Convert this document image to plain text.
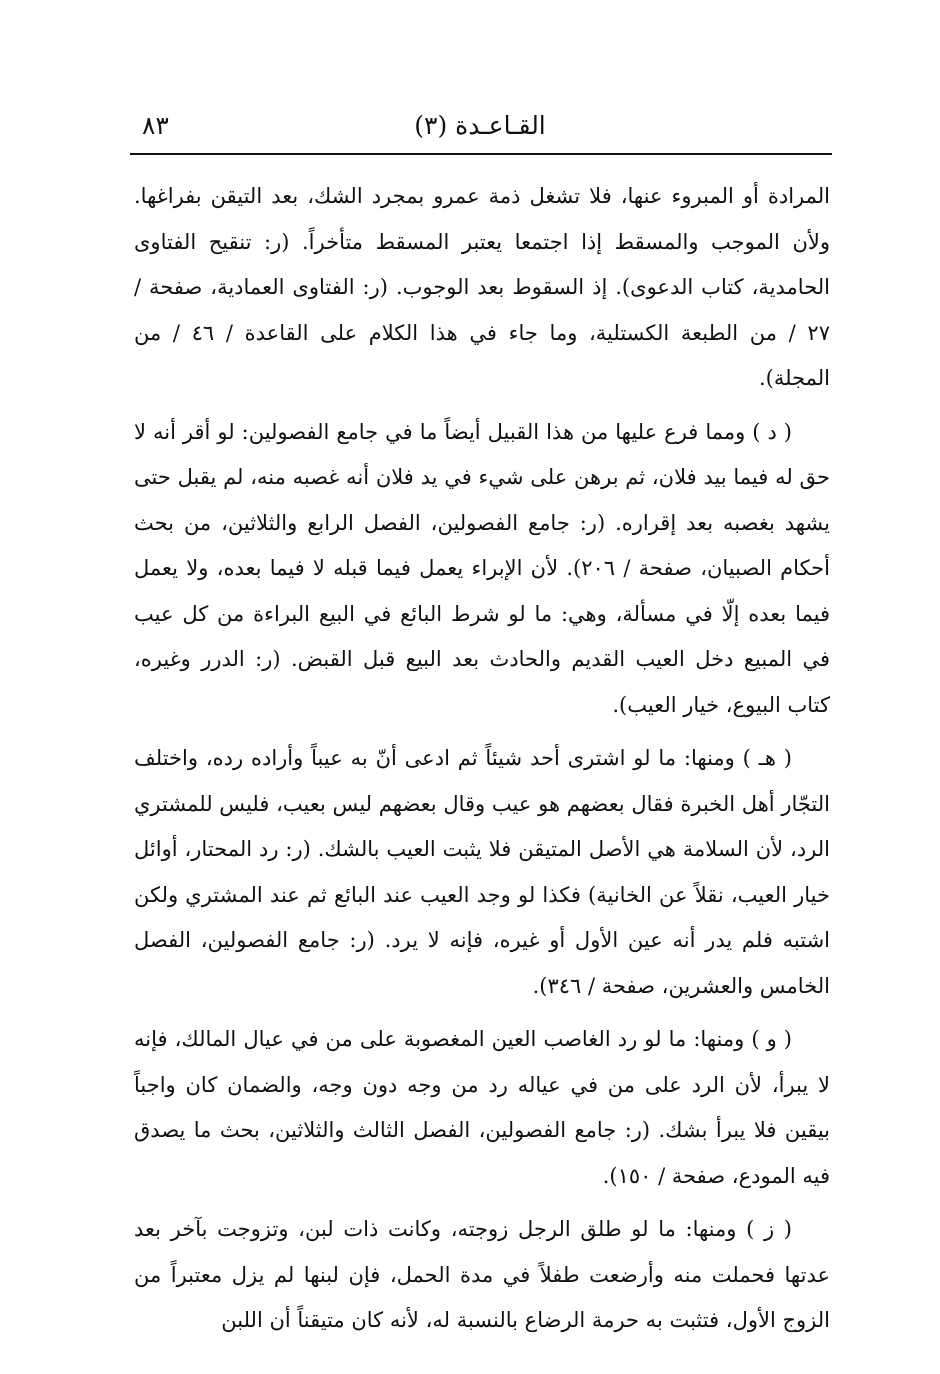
القـاعـدة (٣)
٨٣

المرادة أو المبروء عنها، فلا تشغل ذمة عمرو بمجرد الشك، بعد التيقن بفراغها. ولأن الموجب والمسقط إذا اجتمعا يعتبر المسقط متأخراً. (ر: تنقيح الفتاوى الحامدية، كتاب الدعوى). إذ السقوط بعد الوجوب. (ر: الفتاوى العمادية، صفحة / ٢٧ / من الطبعة الكستلية، وما جاء في هذا الكلام على القاعدة / ٤٦ / من المجلة).

( د ) ومما فرع عليها من هذا القبيل أيضاً ما في جامع الفصولين: لو أقر أنه لا حق له فيما بيد فلان، ثم برهن على شيء في يد فلان أنه غصبه منه، لم يقبل حتى يشهد بغصبه بعد إقراره. (ر: جامع الفصولين، الفصل الرابع والثلاثين، من بحث أحكام الصبيان، صفحة / ٢٠٦). لأن الإبراء يعمل فيما قبله لا فيما بعده، ولا يعمل فيما بعده إلّا في مسألة، وهي: ما لو شرط البائع في البيع البراءة من كل عيب في المبيع دخل العيب القديم والحادث بعد البيع قبل القبض. (ر: الدرر وغيره، كتاب البيوع، خيار العيب).

( هـ ) ومنها: ما لو اشترى أحد شيئاً ثم ادعى أنّ به عيباً وأراده رده، واختلف التجّار أهل الخبرة فقال بعضهم هو عيب وقال بعضهم ليس بعيب، فليس للمشتري الرد، لأن السلامة هي الأصل المتيقن فلا يثبت العيب بالشك. (ر: رد المحتار، أوائل خيار العيب، نقلاً عن الخانية) فكذا لو وجد العيب عند البائع ثم عند المشتري ولكن اشتبه فلم يدر أنه عين الأول أو غيره، فإنه لا يرد. (ر: جامع الفصولين، الفصل الخامس والعشرين، صفحة / ٣٤٦).

( و ) ومنها: ما لو رد الغاصب العين المغصوبة على من في عيال المالك، فإنه لا يبرأ، لأن الرد على من في عياله رد من وجه دون وجه، والضمان كان واجباً بيقين فلا يبرأ بشك. (ر: جامع الفصولين، الفصل الثالث والثلاثين، بحث ما يصدق فيه المودع، صفحة / ١٥٠).

( ز ) ومنها: ما لو طلق الرجل زوجته، وكانت ذات لبن، وتزوجت بآخر بعد عدتها فحملت منه وأرضعت طفلاً في مدة الحمل، فإن لبنها لم يزل معتبراً من الزوج الأول، فتثبت به حرمة الرضاع بالنسبة له، لأنه كان متيقناً أن اللبن
